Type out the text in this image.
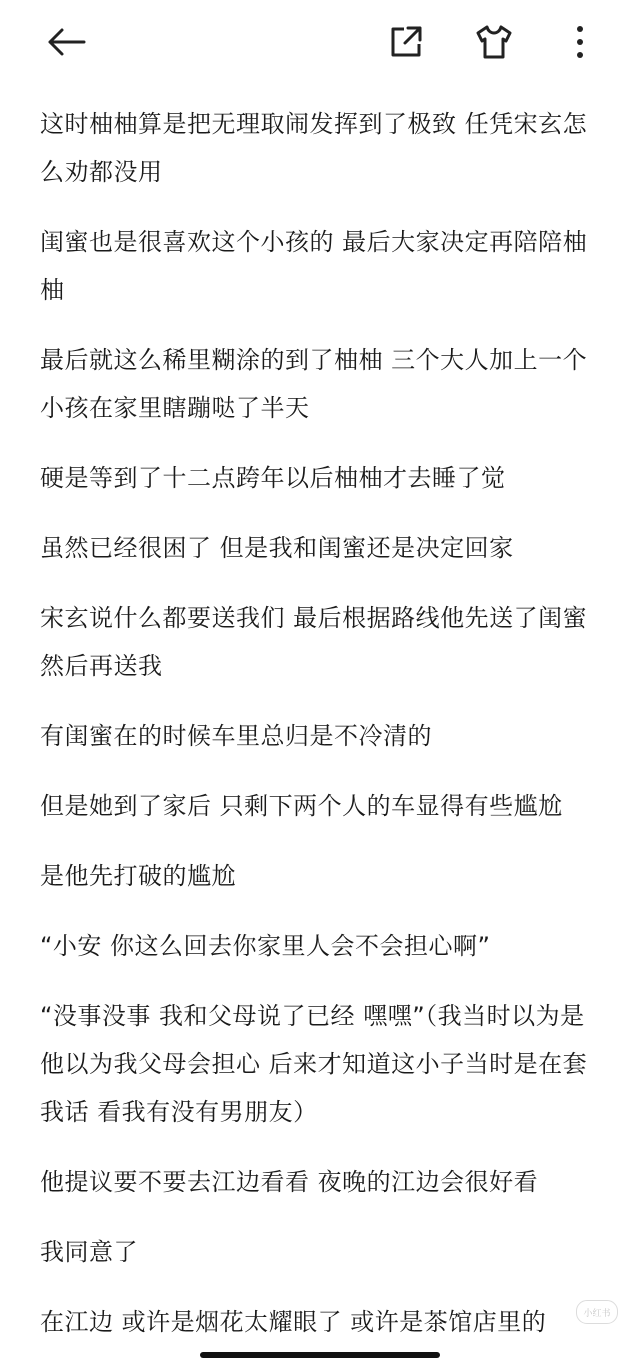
这时柚柚算是把无理取闹发挥到了极致 任凭宋玄怎么劝都没用

闺蜜也是很喜欢这个小孩的 最后大家决定再陪陪柚柚

最后就这么稀里糊涂的到了柚柚 三个大人加上一个小孩在家里瞎蹦哒了半天

硬是等到了十二点跨年以后柚柚才去睡了觉

虽然已经很困了 但是我和闺蜜还是决定回家

宋玄说什么都要送我们 最后根据路线他先送了闺蜜 然后再送我

有闺蜜在的时候车里总归是不冷清的

但是她到了家后 只剩下两个人的车显得有些尴尬

是他先打破的尴尬

“小安 你这么回去你家里人会不会担心啊”

“没事没事 我和父母说了已经 嘿嘿”（我当时以为是他以为我父母会担心 后来才知道这小子当时是在套我话 看我有没有男朋友）

他提议要不要去江边看看 夜晚的江边会很好看

我同意了

在江边 或许是烟花太耀眼了 或许是茶馆店里的	小红书
